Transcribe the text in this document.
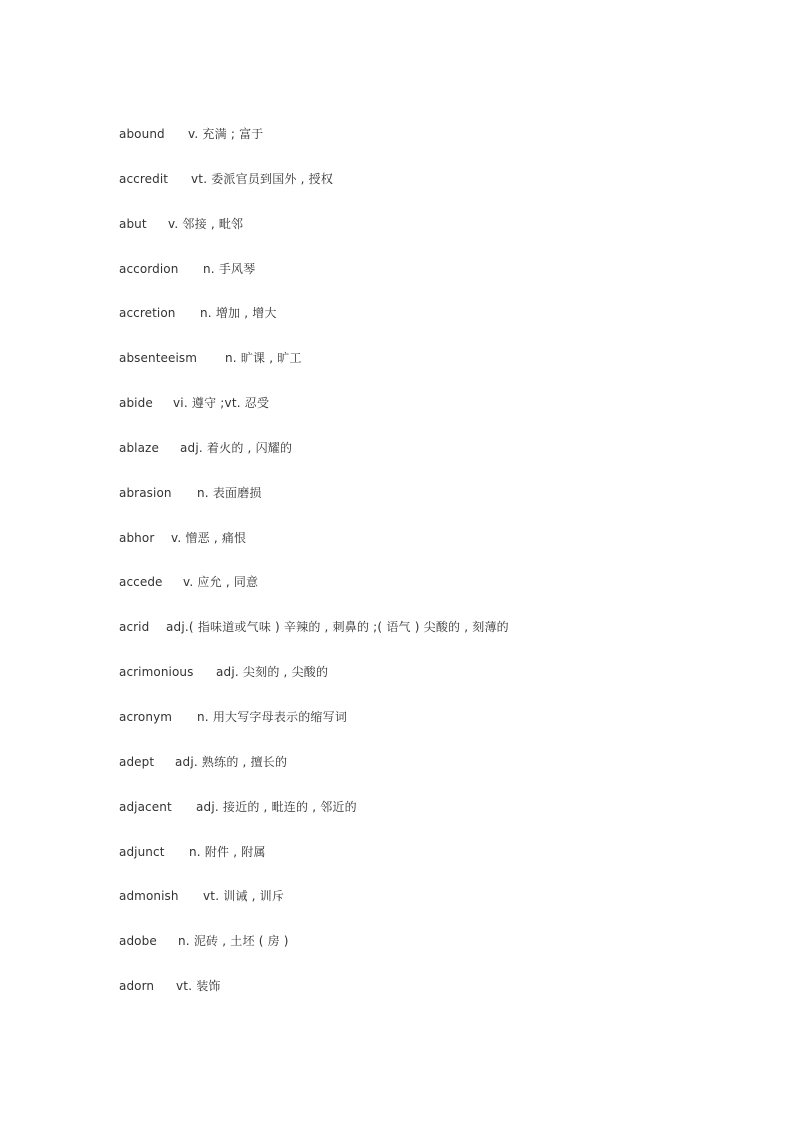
abound	v. 充满 ; 富于
accredit	vt. 委派官员到国外 , 授权
abut	v. 邻接 , 毗邻
accordion	n. 手风琴
accretion	n. 增加 , 增大
absenteeism	n. 旷课 , 旷工
abide	vi. 遵守 ;vt. 忍受
ablaze	adj. 着火的 , 闪耀的
abrasion	n. 表面磨损
abhor	v. 憎恶 , 痛恨
accede	v. 应允 , 同意
acrid	adj.( 指味道或气味 ) 辛辣的 , 刺鼻的 ;( 语气 ) 尖酸的 , 刻薄的
acrimonious	adj. 尖刻的 , 尖酸的
acronym	n. 用大写字母表示的缩写词
adept	adj. 熟练的 , 擅长的
adjacent	adj. 接近的 , 毗连的 , 邻近的
adjunct	n. 附件 , 附属
admonish	vt. 训诫 , 训斥
adobe	n. 泥砖 , 土坯 ( 房 )
adorn	vt. 装饰
